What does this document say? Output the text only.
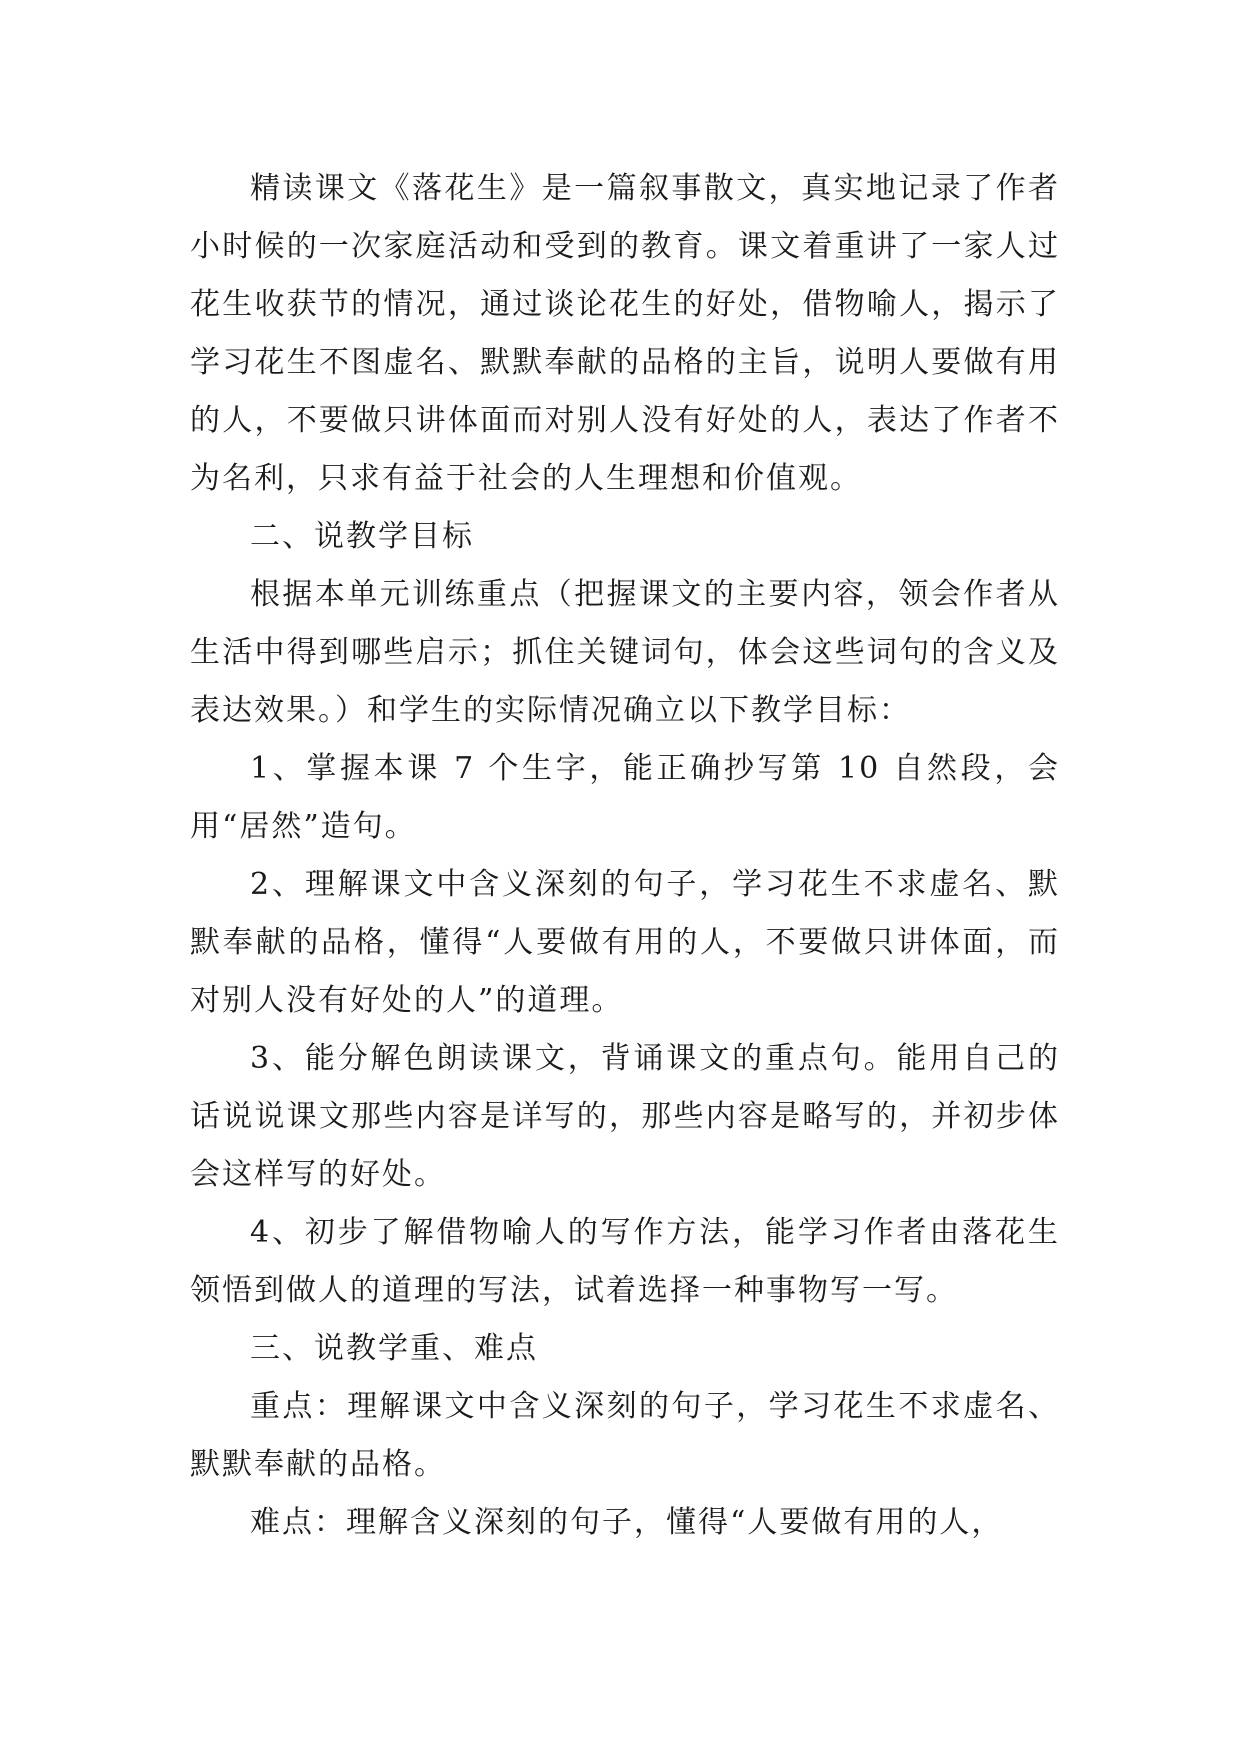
精读课文《落花生》是一篇叙事散文，真实地记录了作者小时候的一次家庭活动和受到的教育。课文着重讲了一家人过花生收获节的情况，通过谈论花生的好处，借物喻人，揭示了学习花生不图虚名、默默奉献的品格的主旨，说明人要做有用的人，不要做只讲体面而对别人没有好处的人，表达了作者不为名利，只求有益于社会的人生理想和价值观。

二、说教学目标

根据本单元训练重点（把握课文的主要内容，领会作者从生活中得到哪些启示；抓住关键词句，体会这些词句的含义及表达效果。）和学生的实际情况确立以下教学目标：

1、掌握本课 7 个生字，能正确抄写第 10 自然段，会用“居然”造句。

2、理解课文中含义深刻的句子，学习花生不求虚名、默默奉献的品格，懂得“人要做有用的人，不要做只讲体面，而对别人没有好处的人”的道理。

3、能分解色朗读课文，背诵课文的重点句。能用自己的话说说课文那些内容是详写的，那些内容是略写的，并初步体会这样写的好处。

4、初步了解借物喻人的写作方法，能学习作者由落花生领悟到做人的道理的写法，试着选择一种事物写一写。

三、说教学重、难点

重点：理解课文中含义深刻的句子，学习花生不求虚名、默默奉献的品格。

难点：理解含义深刻的句子，懂得“人要做有用的人，
